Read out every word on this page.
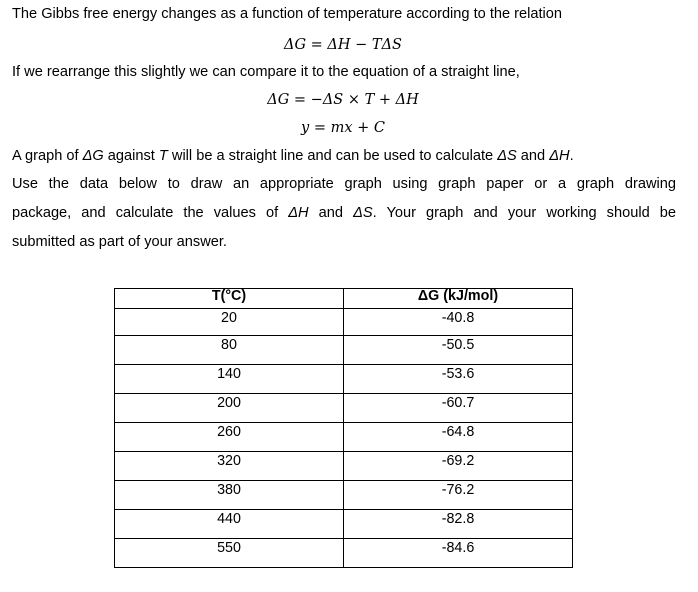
The Gibbs free energy changes as a function of temperature according to the relation
ΔG = ΔH − TΔS
If we rearrange this slightly we can compare it to the equation of a straight line,
ΔG = −ΔS × T + ΔH
y = mx + C
A graph of ΔG against T will be a straight line and can be used to calculate ΔS and ΔH.
Use the data below to draw an appropriate graph using graph paper or a graph drawing
package, and calculate the values of ΔH and ΔS. Your graph and your working should be
submitted as part of your answer.
T(°C)	ΔG (kJ/mol)
20	-40.8
80	-50.5
140	-53.6
200	-60.7
260	-64.8
320	-69.2
380	-76.2
440	-82.8
550	-84.6
